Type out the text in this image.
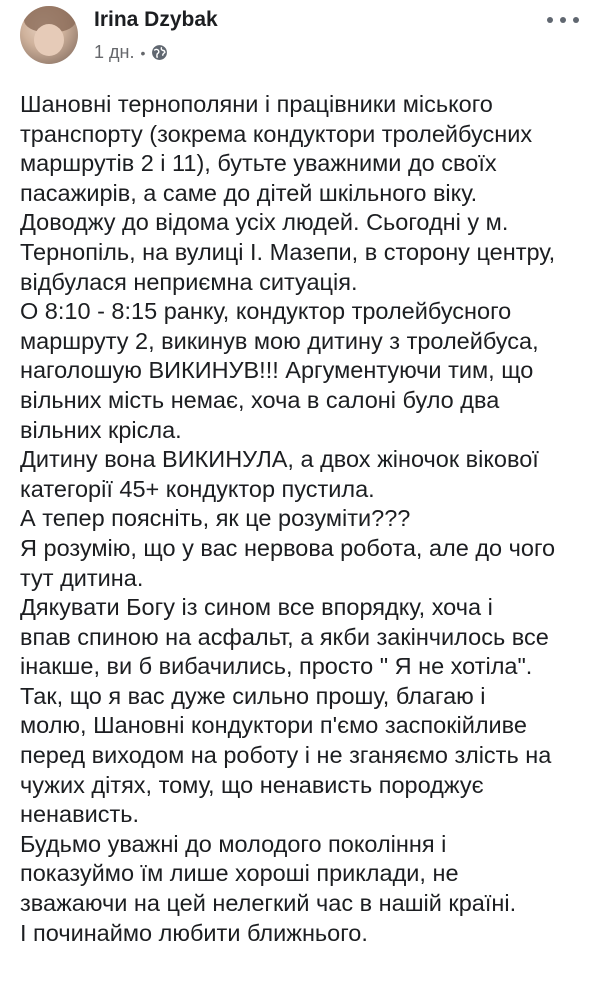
Irina Dzybak
1 дн. •
Шановні тернополяни і працівники міського
транспорту (зокрема кондуктори тролейбусних
маршрутів 2 і 11), бутьте уважними до своїх
пасажирів, а саме до дітей шкільного віку.
Доводжу до відома усіх людей. Сьогодні у м.
Тернопіль, на вулиці І. Мазепи, в сторону центру,
відбулася неприємна ситуація.
О 8:10 - 8:15 ранку, кондуктор тролейбусного
маршруту 2, викинув мою дитину з тролейбуса,
наголошую ВИКИНУВ!!! Аргументуючи тим, що
вільних мість немає, хоча в салоні було два
вільних крісла.
Дитину вона ВИКИНУЛА, а двох жіночок вікової
категорії 45+ кондуктор пустила.
А тепер поясніть, як це розуміти???
Я розумію, що у вас нервова робота, але до чого
тут дитина.
Дякувати Богу із сином все впорядку, хоча і
впав спиною на асфальт, а якби закінчилось все
інакше, ви б вибачились, просто " Я не хотіла".
Так, що я вас дуже сильно прошу, благаю і
молю, Шановні кондуктори п'ємо заспокійливе
перед виходом на роботу і не зганяємо злість на
чужих дітях, тому, що ненависть породжує
ненависть.
Будьмо уважні до молодого покоління і
показуймо їм лише хороші приклади, не
зважаючи на цей нелегкий час в нашій країні.
І починаймо любити ближнього.
